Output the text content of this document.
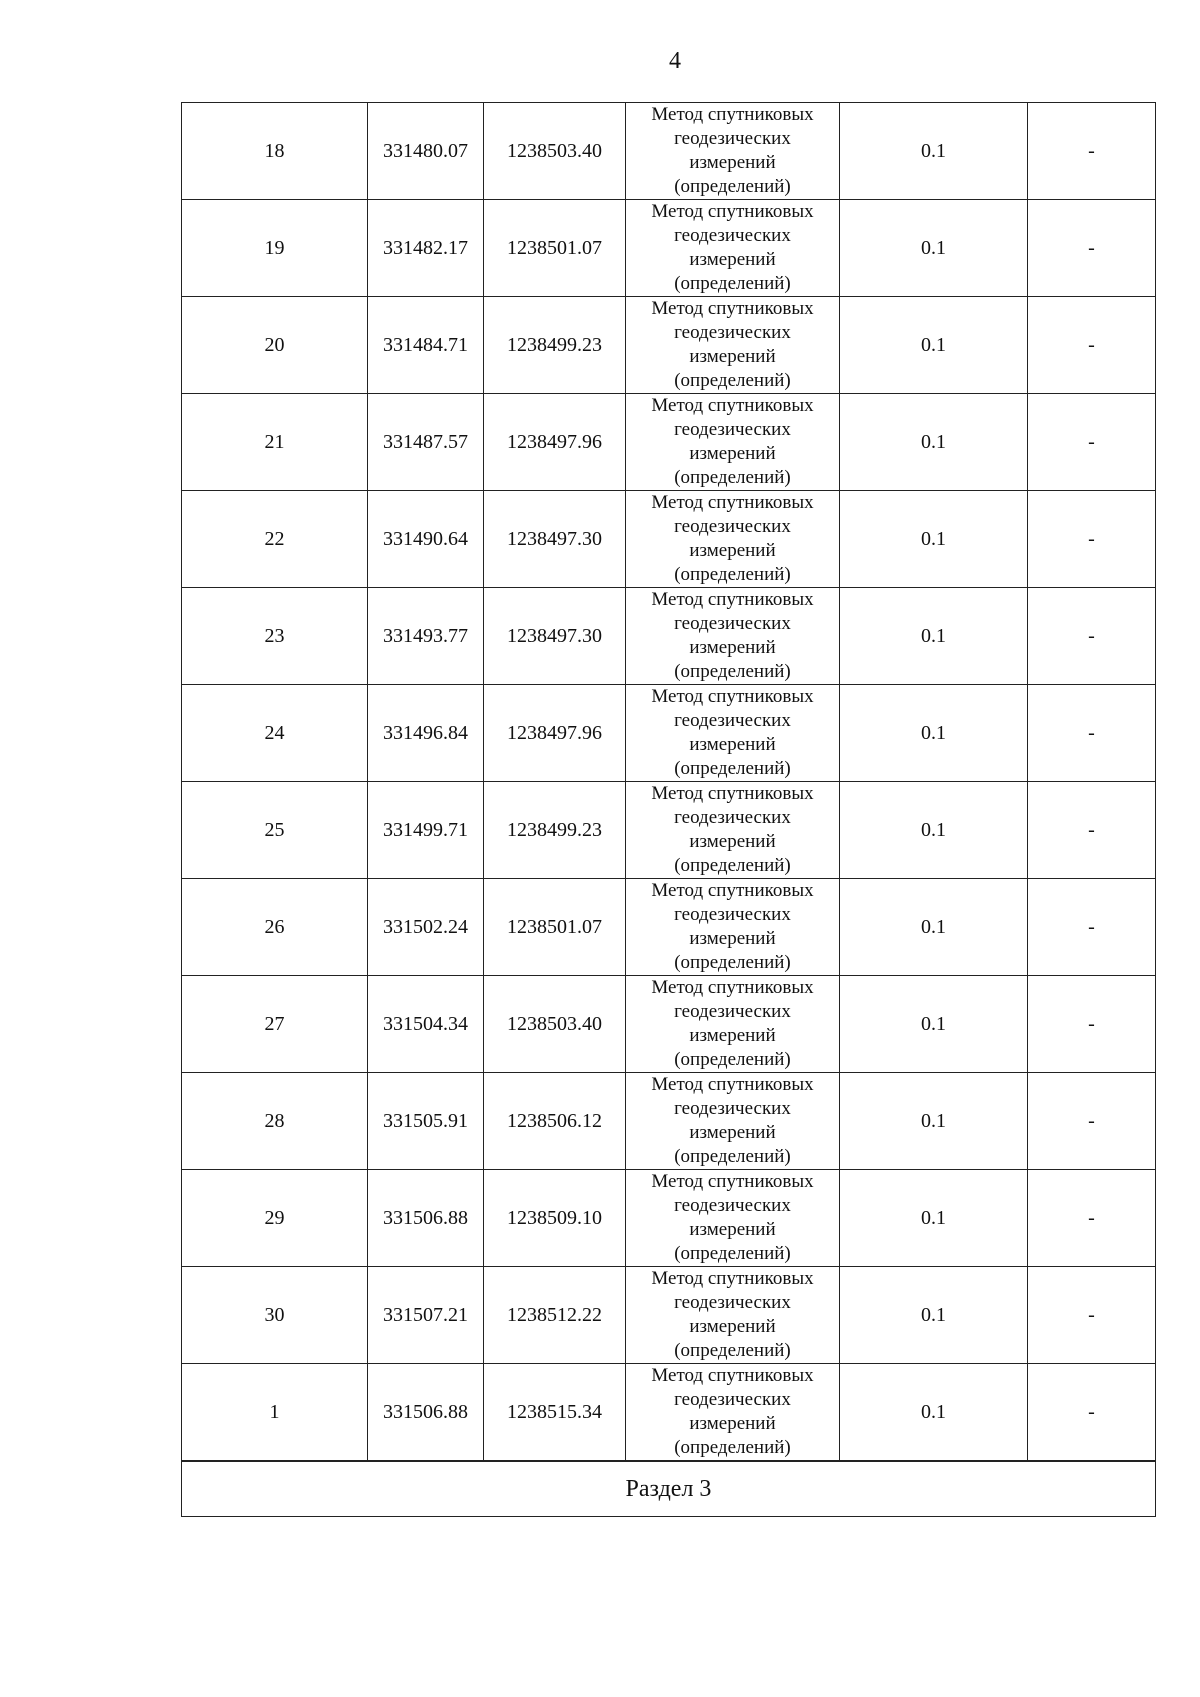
4
18	331480.07	1238503.40	Метод спутниковых
геодезических
измерений
(определений)	0.1	-
19	331482.17	1238501.07	Метод спутниковых
геодезических
измерений
(определений)	0.1	-
20	331484.71	1238499.23	Метод спутниковых
геодезических
измерений
(определений)	0.1	-
21	331487.57	1238497.96	Метод спутниковых
геодезических
измерений
(определений)	0.1	-
22	331490.64	1238497.30	Метод спутниковых
геодезических
измерений
(определений)	0.1	-
23	331493.77	1238497.30	Метод спутниковых
геодезических
измерений
(определений)	0.1	-
24	331496.84	1238497.96	Метод спутниковых
геодезических
измерений
(определений)	0.1	-
25	331499.71	1238499.23	Метод спутниковых
геодезических
измерений
(определений)	0.1	-
26	331502.24	1238501.07	Метод спутниковых
геодезических
измерений
(определений)	0.1	-
27	331504.34	1238503.40	Метод спутниковых
геодезических
измерений
(определений)	0.1	-
28	331505.91	1238506.12	Метод спутниковых
геодезических
измерений
(определений)	0.1	-
29	331506.88	1238509.10	Метод спутниковых
геодезических
измерений
(определений)	0.1	-
30	331507.21	1238512.22	Метод спутниковых
геодезических
измерений
(определений)	0.1	-
1	331506.88	1238515.34	Метод спутниковых
геодезических
измерений
(определений)	0.1	-
Раздел 3					
